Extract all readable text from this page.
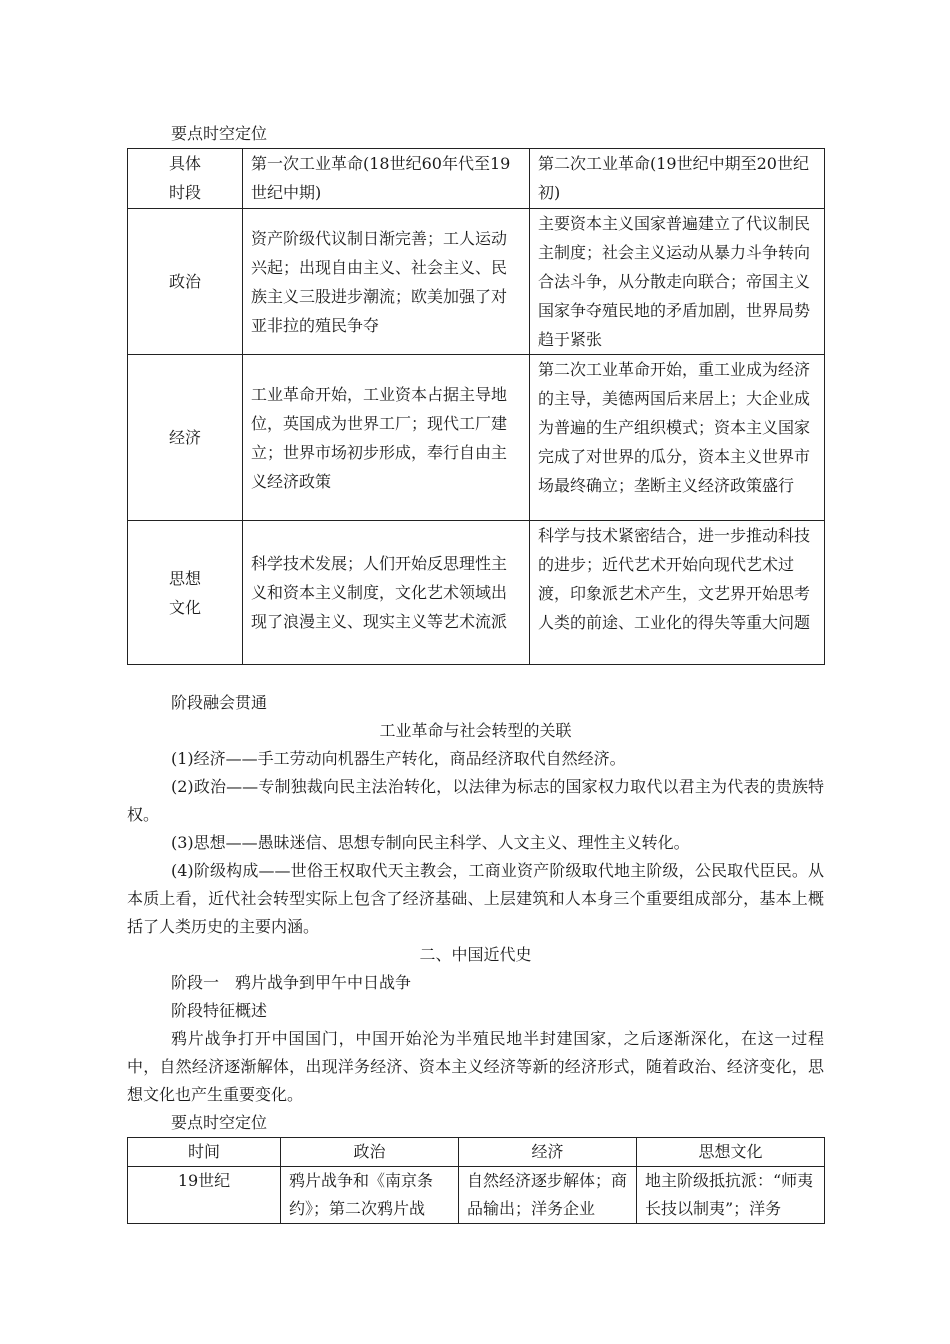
要点时空定位
具体
时段	第一次工业革命(18世纪60年代至19世纪中期)	第二次工业革命(19世纪中期至20世纪初)
政治	资产阶级代议制日渐完善；工人运动兴起；出现自由主义、社会主义、民族主义三股进步潮流；欧美加强了对亚非拉的殖民争夺	主要资本主义国家普遍建立了代议制民主制度；社会主义运动从暴力斗争转向合法斗争，从分散走向联合；帝国主义国家争夺殖民地的矛盾加剧，世界局势趋于紧张
经济	工业革命开始，工业资本占据主导地位，英国成为世界工厂；现代工厂建立；世界市场初步形成，奉行自由主义经济政策	第二次工业革命开始，重工业成为经济的主导，美德两国后来居上；大企业成为普遍的生产组织模式；资本主义国家完成了对世界的瓜分，资本主义世界市场最终确立；垄断主义经济政策盛行
思想
文化	科学技术发展；人们开始反思理性主义和资本主义制度，文化艺术领域出现了浪漫主义、现实主义等艺术流派	科学与技术紧密结合，进一步推动科技的进步；近代艺术开始向现代艺术过渡，印象派艺术产生，文艺界开始思考人类的前途、工业化的得失等重大问题
阶段融会贯通
工业革命与社会转型的关联
(1)经济——手工劳动向机器生产转化，商品经济取代自然经济。
(2)政治——专制独裁向民主法治转化，以法律为标志的国家权力取代以君主为代表的贵族特权。
(3)思想——愚昧迷信、思想专制向民主科学、人文主义、理性主义转化。
(4)阶级构成——世俗王权取代天主教会，工商业资产阶级取代地主阶级，公民取代臣民。从本质上看，近代社会转型实际上包含了经济基础、上层建筑和人本身三个重要组成部分，基本上概括了人类历史的主要内涵。
二、中国近代史
阶段一　鸦片战争到甲午中日战争
阶段特征概述
鸦片战争打开中国国门，中国开始沦为半殖民地半封建国家，之后逐渐深化，在这一过程中，自然经济逐渐解体，出现洋务经济、资本主义经济等新的经济形式，随着政治、经济变化，思想文化也产生重要变化。
要点时空定位
时间	政治	经济	思想文化
19世纪	鸦片战争和《南京条约》；第二次鸦片战	自然经济逐步解体；商品输出；洋务企业	地主阶级抵抗派：“师夷长技以制夷”；洋务
